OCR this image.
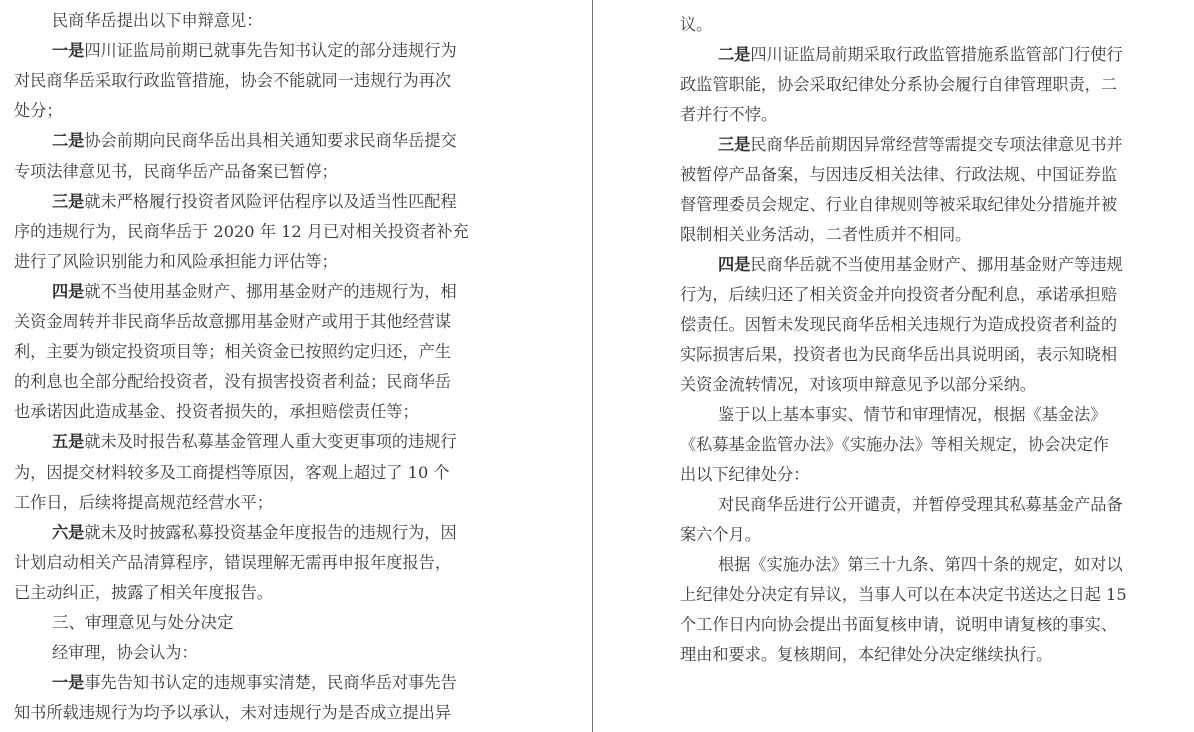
民商华岳提出以下申辩意见：
一是四川证监局前期已就事先告知书认定的部分违规行为
对民商华岳采取行政监管措施，协会不能就同一违规行为再次
处分；
二是协会前期向民商华岳出具相关通知要求民商华岳提交
专项法律意见书，民商华岳产品备案已暂停；
三是就未严格履行投资者风险评估程序以及适当性匹配程
序的违规行为，民商华岳于 2020 年 12 月已对相关投资者补充
进行了风险识别能力和风险承担能力评估等；
四是就不当使用基金财产、挪用基金财产的违规行为，相
关资金周转并非民商华岳故意挪用基金财产或用于其他经营谋
利，主要为锁定投资项目等；相关资金已按照约定归还，产生
的利息也全部分配给投资者，没有损害投资者利益；民商华岳
也承诺因此造成基金、投资者损失的，承担赔偿责任等；
五是就未及时报告私募基金管理人重大变更事项的违规行
为，因提交材料较多及工商提档等原因，客观上超过了 10 个
工作日，后续将提高规范经营水平；
六是就未及时披露私募投资基金年度报告的违规行为，因
计划启动相关产品清算程序，错误理解无需再申报年度报告，
已主动纠正，披露了相关年度报告。
三、审理意见与处分决定
经审理，协会认为：
一是事先告知书认定的违规事实清楚，民商华岳对事先告
知书所载违规行为均予以承认，未对违规行为是否成立提出异
议。
二是四川证监局前期采取行政监管措施系监管部门行使行
政监管职能，协会采取纪律处分系协会履行自律管理职责，二
者并行不悖。
三是民商华岳前期因异常经营等需提交专项法律意见书并
被暂停产品备案，与因违反相关法律、行政法规、中国证券监
督管理委员会规定、行业自律规则等被采取纪律处分措施并被
限制相关业务活动，二者性质并不相同。
四是民商华岳就不当使用基金财产、挪用基金财产等违规
行为，后续归还了相关资金并向投资者分配利息，承诺承担赔
偿责任。因暂未发现民商华岳相关违规行为造成投资者利益的
实际损害后果，投资者也为民商华岳出具说明函，表示知晓相
关资金流转情况，对该项申辩意见予以部分采纳。
鉴于以上基本事实、情节和审理情况，根据《基金法》
《私募基金监管办法》《实施办法》等相关规定，协会决定作
出以下纪律处分：
对民商华岳进行公开谴责，并暂停受理其私募基金产品备
案六个月。
根据《实施办法》第三十九条、第四十条的规定，如对以
上纪律处分决定有异议，当事人可以在本决定书送达之日起 15
个工作日内向协会提出书面复核申请，说明申请复核的事实、
理由和要求。复核期间，本纪律处分决定继续执行。
